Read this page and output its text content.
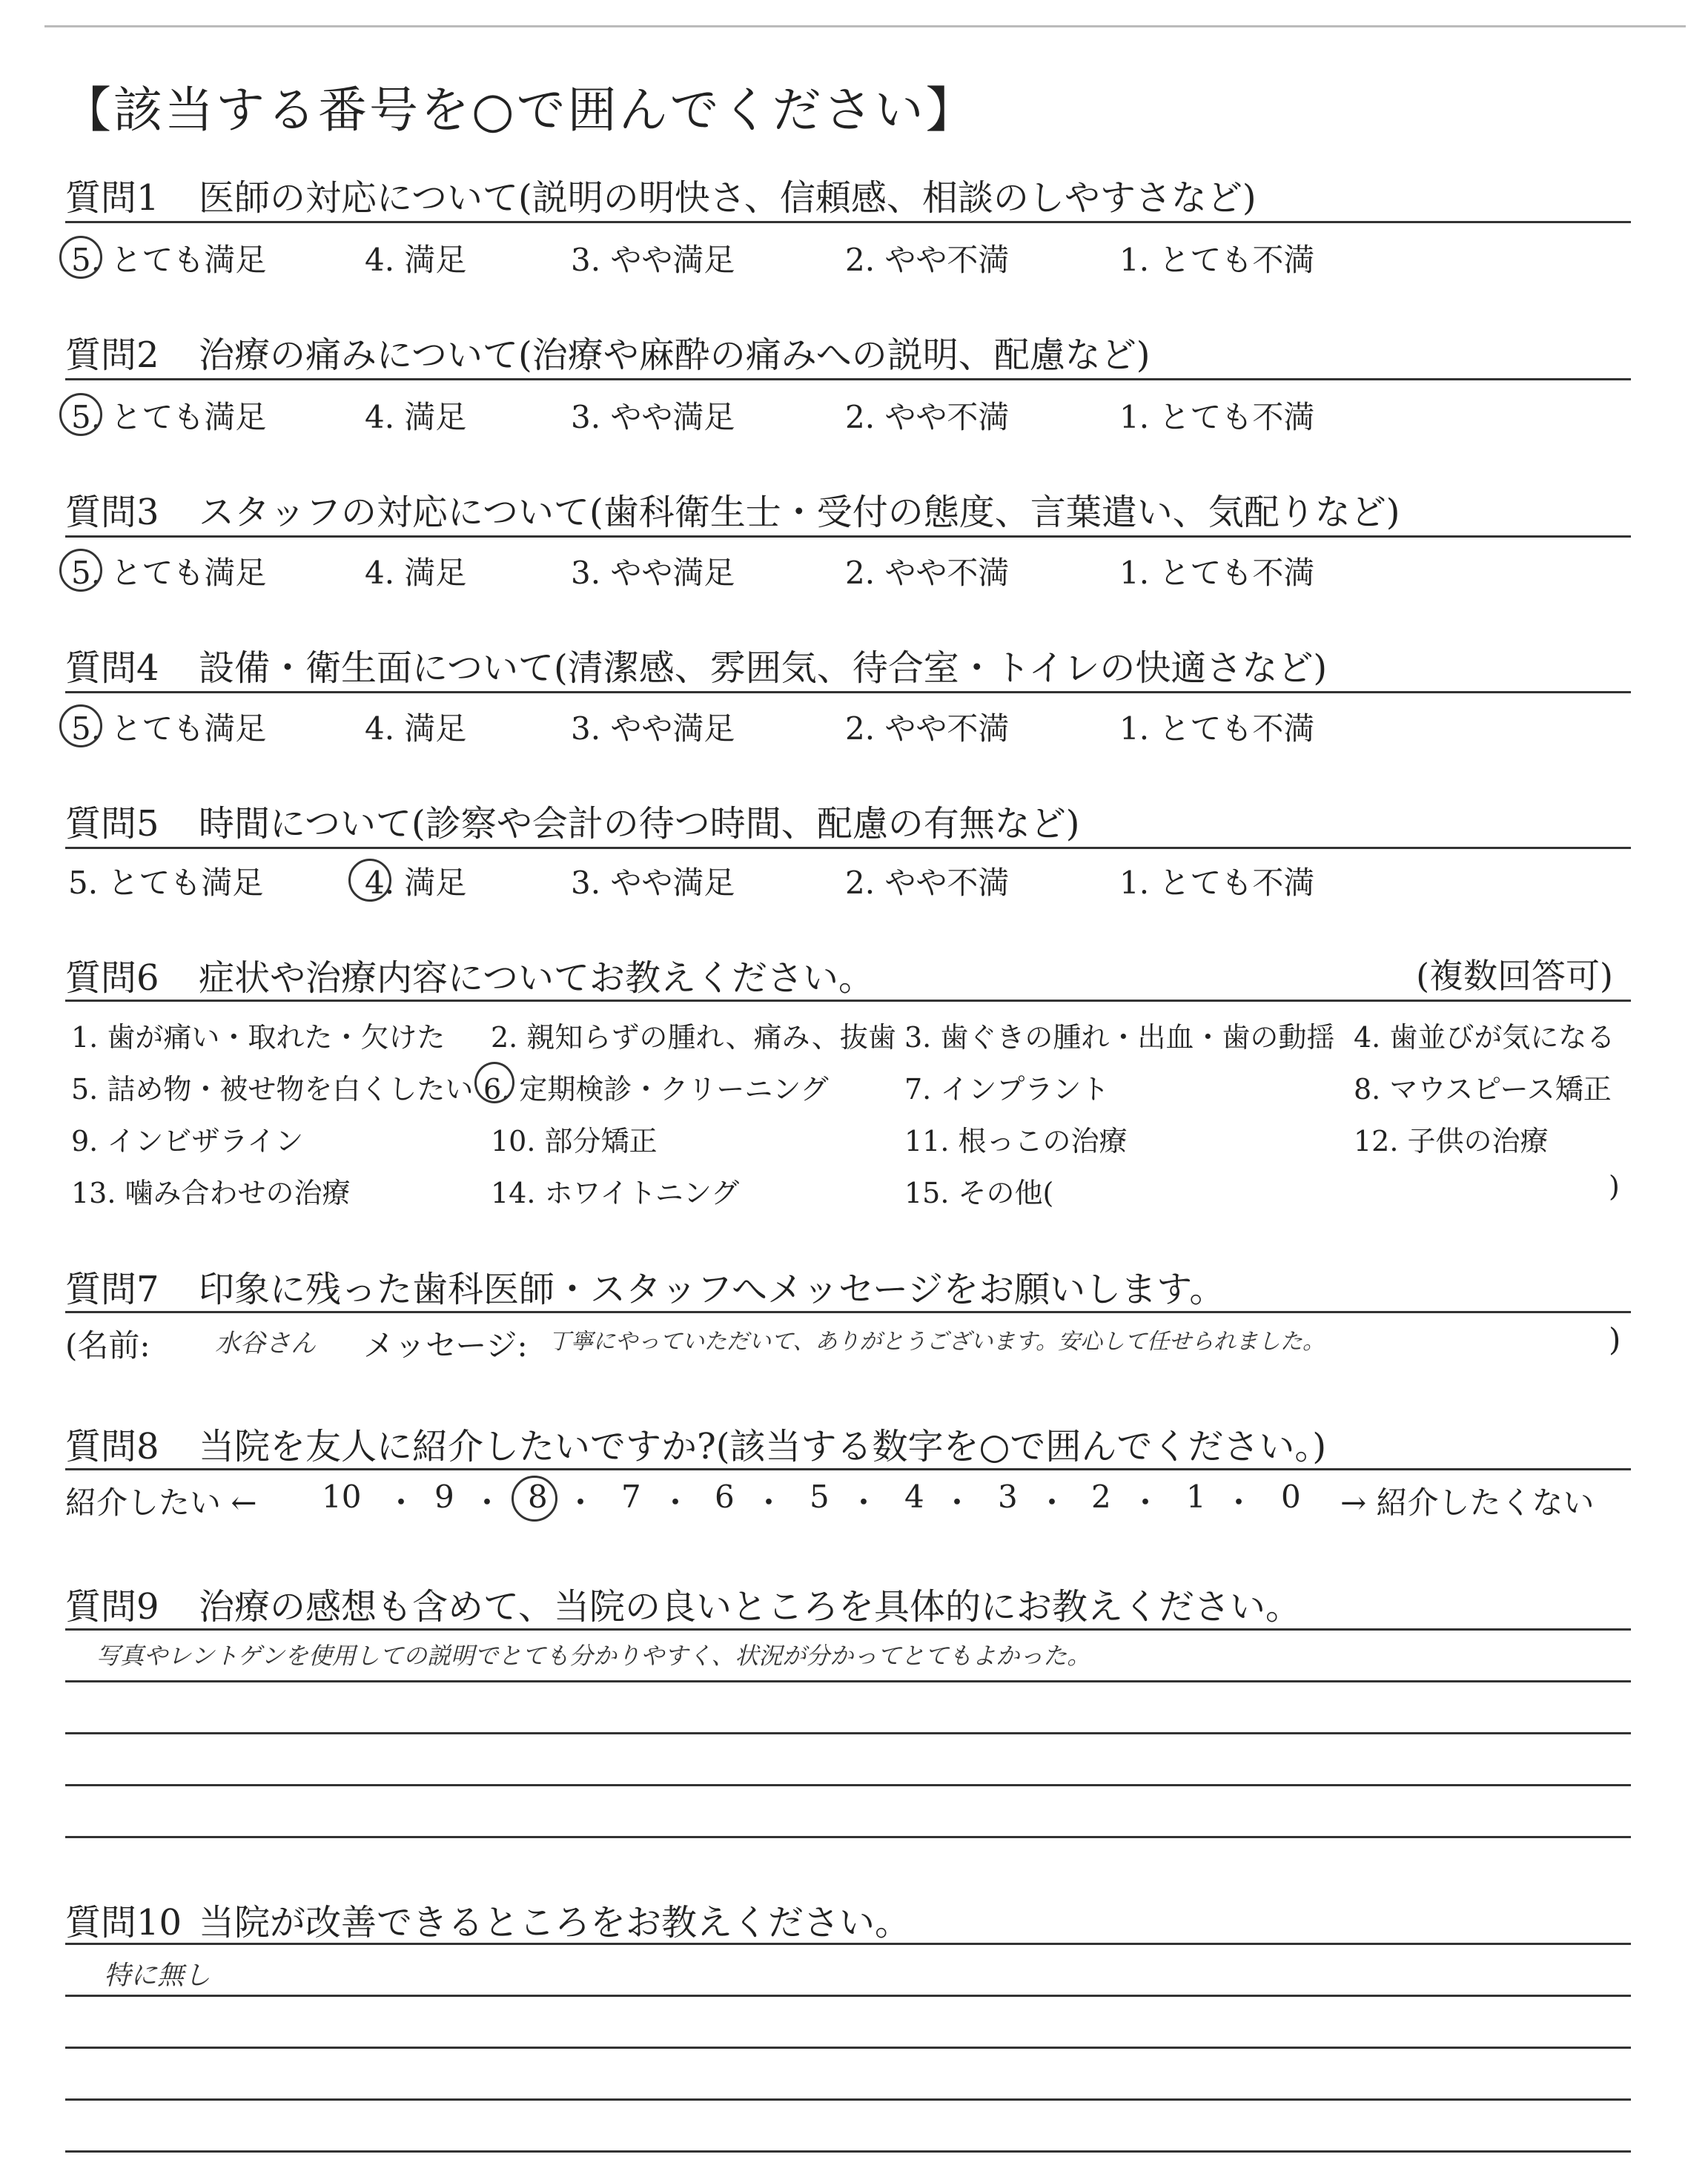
【該当する番号を○で囲んでください】
質問1 医師の対応について(説明の明快さ、信頼感、相談のしやすさなど)
5. とても満足	4. 満足	3. やや満足	2. やや不満	1. とても不満
質問2 治療の痛みについて(治療や麻酔の痛みへの説明、配慮など)
5. とても満足	4. 満足	3. やや満足	2. やや不満	1. とても不満
質問3 スタッフの対応について(歯科衛生士・受付の態度、言葉遣い、気配りなど)
5. とても満足	4. 満足	3. やや満足	2. やや不満	1. とても不満
質問4 設備・衛生面について(清潔感、雰囲気、待合室・トイレの快適さなど)
5. とても満足	4. 満足	3. やや満足	2. やや不満	1. とても不満
質問5 時間について(診察や会計の待つ時間、配慮の有無など)
5. とても満足	4. 満足	3. やや満足	2. やや不満	1. とても不満
質問6 症状や治療内容についてお教えください。	(複数回答可)
1. 歯が痛い・取れた・欠けた 2. 親知らずの腫れ、痛み、抜歯 3. 歯ぐきの腫れ・出血・歯の動揺 4. 歯並びが気になる
5. 詰め物・被せ物を白くしたい 6. 定期検診・クリーニング	7. インプラント	8. マウスピース矯正
9. インビザライン	10. 部分矯正	11. 根っこの治療	12. 子供の治療
13. 噛み合わせの治療	14. ホワイトニング	15. その他(	)
質問7 印象に残った歯科医師・スタッフへメッセージをお願いします。
(名前:	水谷さん メッセージ: 丁寧にやっていただいて、ありがとうございます。安心して任せられました。	)
質問8 当院を友人に紹介したいですか?(該当する数字を○で囲んでください。)
紹介したい ← 10 ・ 9 ・ 8 ・ 7 ・ 6 ・ 5 ・ 4 ・ 3 ・ 2 ・ 1 ・ 0 → 紹介したくない
質問9 治療の感想も含めて、当院の良いところを具体的にお教えください。
写真やレントゲンを使用しての説明でとても分かりやすく、状況が分かってとてもよかった。
質問10 当院が改善できるところをお教えください。
特に無し
